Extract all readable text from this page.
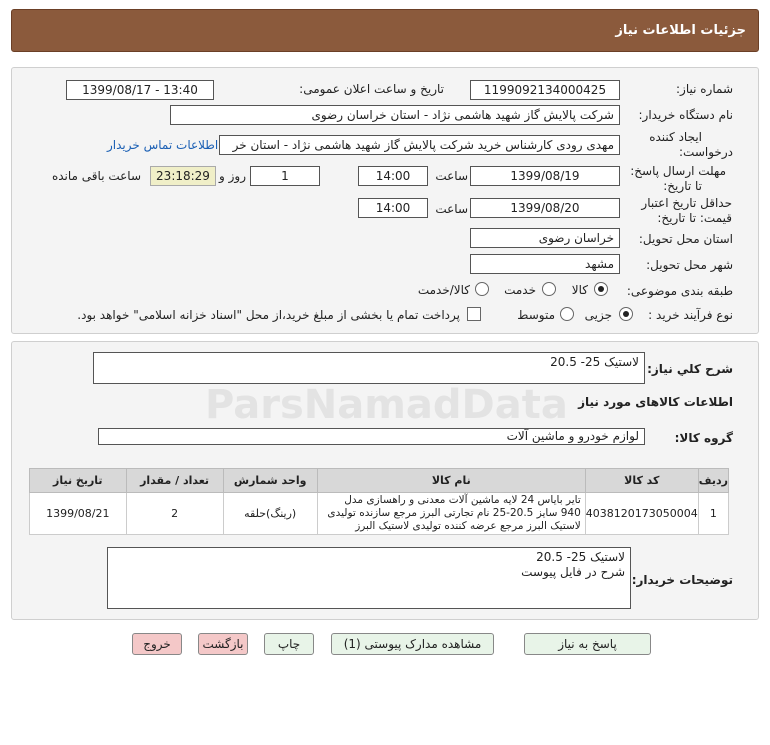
جزئیات اطلاعات نیاز
شماره نیاز:
1199092134000425
تاریخ و ساعت اعلان عمومی:
1399/08/17 - 13:40
نام دستگاه خریدار:
شرکت پالایش گاز شهید هاشمی نژاد - استان خراسان رضوی
ایجاد کننده
درخواست:
مهدی رودی کارشناس خرید شرکت پالایش گاز شهید هاشمی نژاد - استان خر
اطلاعات تماس خریدار
مهلت ارسال پاسخ:
تا تاریخ:
1399/08/19
ساعت
14:00
1
روز و
23:18:29
ساعت باقی مانده
حداقل تاریخ اعتبار
قیمت: تا تاریخ:
1399/08/20
ساعت
14:00
استان محل تحویل:
خراسان رضوی
شهر محل تحویل:
مشهد
طبقه بندی موضوعی:
کالا
خدمت
کالا/خدمت
نوع فرآیند خرید :
جزیی
متوسط
پرداخت تمام یا بخشی از مبلغ خرید،از محل "اسناد خزانه اسلامی" خواهد بود.
شرح كلي نياز:
لاستیک 25- 20.5
اطلاعات کالاهای مورد نیاز
گروه کالا:
لوازم خودرو و ماشین آلات
ردیف	کد کالا	نام کالا	واحد شمارش	تعداد / مقدار	تاریخ نیاز
1	4038120173050004	تایر بایاس 24 لایه ماشین آلات معدنی و راهسازی مدل 940 سایز 20.5-25 نام تجارتی البرز مرجع سازنده تولیدی لاستیک البرز مرجع عرضه کننده تولیدی لاستیک البرز	(رینگ)حلقه	2	1399/08/21
توضیحات خریدار:
لاستیک 25- 20.5
شرح در فایل پیوست
پاسخ به نیاز
مشاهده مدارک پیوستی (1)
چاپ
بازگشت
خروج
